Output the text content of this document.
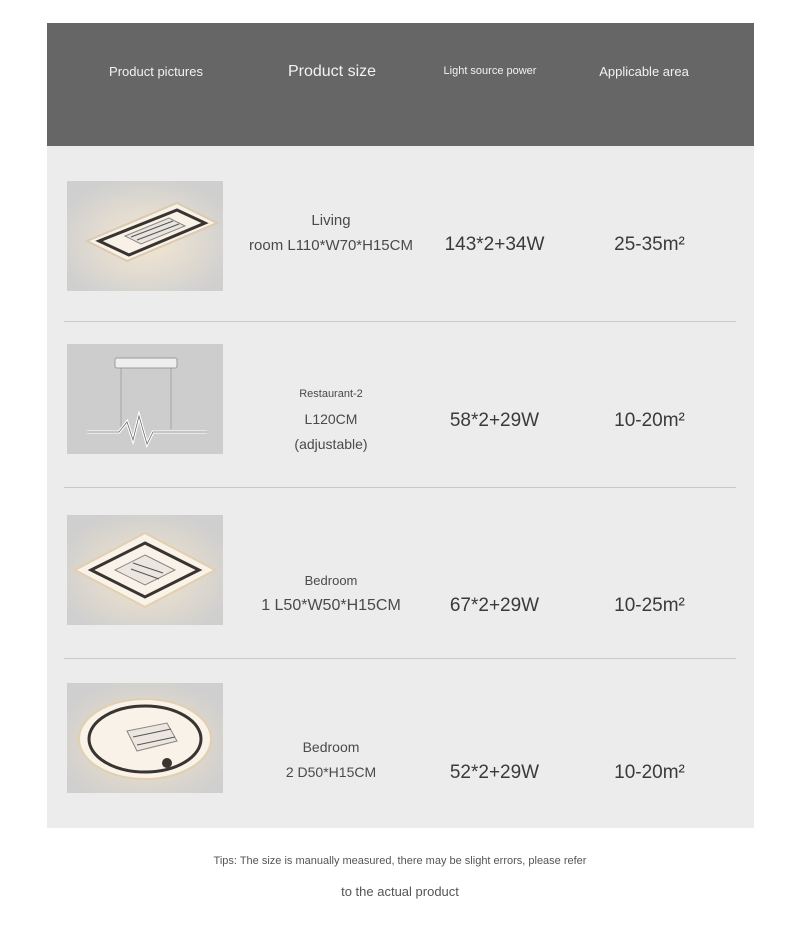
Product pictures	Product size	Light source power	Applicable area
Living
room L110*W70*H15CM	143*2+34W	25-35m²
Restaurant-2
L120CM
(adjustable)
58*2+29W	10-20m²
Bedroom
1 L50*W50*H15CM	67*2+29W	10-25m²
Bedroom
2 D50*H15CM	52*2+29W	10-20m²
Tips: The size is manually measured, there may be slight errors, please refer
to the actual product
